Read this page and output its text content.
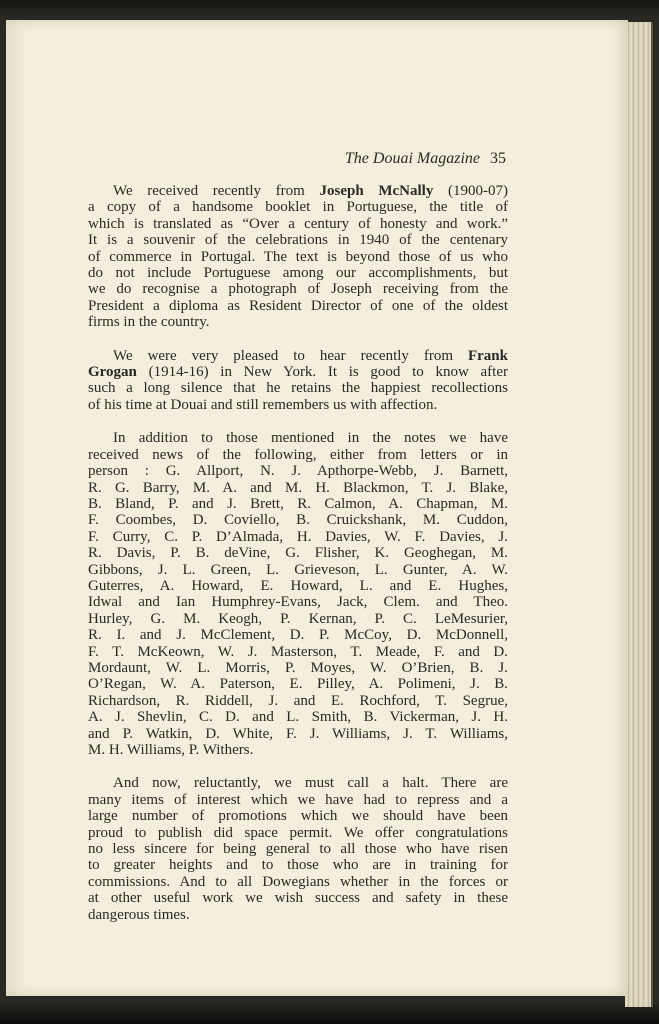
The Douai Magazine 35
We received recently from Joseph McNally (1900-07)
a copy of a handsome booklet in Portuguese, the title of
which is translated as “Over a century of honesty and work.”
It is a souvenir of the celebrations in 1940 of the centenary
of commerce in Portugal. The text is beyond those of us who
do not include Portuguese among our accomplishments, but
we do recognise a photograph of Joseph receiving from the
President a diploma as Resident Director of one of the oldest
firms in the country.
We were very pleased to hear recently from Frank
Grogan (1914-16) in New York. It is good to know after
such a long silence that he retains the happiest recollections
of his time at Douai and still remembers us with affection.
In addition to those mentioned in the notes we have
received news of the following, either from letters or in
person : G. Allport, N. J. Apthorpe-Webb, J. Barnett,
R. G. Barry, M. A. and M. H. Blackmon, T. J. Blake,
B. Bland, P. and J. Brett, R. Calmon, A. Chapman, M.
F. Coombes, D. Coviello, B. Cruickshank, M. Cuddon,
F. Curry, C. P. D’Almada, H. Davies, W. F. Davies, J.
R. Davis, P. B. deVine, G. Flisher, K. Geoghegan, M.
Gibbons, J. L. Green, L. Grieveson, L. Gunter, A. W.
Guterres, A. Howard, E. Howard, L. and E. Hughes,
Idwal and Ian Humphrey-Evans, Jack, Clem. and Theo.
Hurley, G. M. Keogh, P. Kernan, P. C. LeMesurier,
R. I. and J. McClement, D. P. McCoy, D. McDonnell,
F. T. McKeown, W. J. Masterson, T. Meade, F. and D.
Mordaunt, W. L. Morris, P. Moyes, W. O’Brien, B. J.
O’Regan, W. A. Paterson, E. Pilley, A. Polimeni, J. B.
Richardson, R. Riddell, J. and E. Rochford, T. Segrue,
A. J. Shevlin, C. D. and L. Smith, B. Vickerman, J. H.
and P. Watkin, D. White, F. J. Williams, J. T. Williams,
M. H. Williams, P. Withers.
And now, reluctantly, we must call a halt. There are
many items of interest which we have had to repress and a
large number of promotions which we should have been
proud to publish did space permit. We offer congratulations
no less sincere for being general to all those who have risen
to greater heights and to those who are in training for
commissions. And to all Dowegians whether in the forces or
at other useful work we wish success and safety in these
dangerous times.
